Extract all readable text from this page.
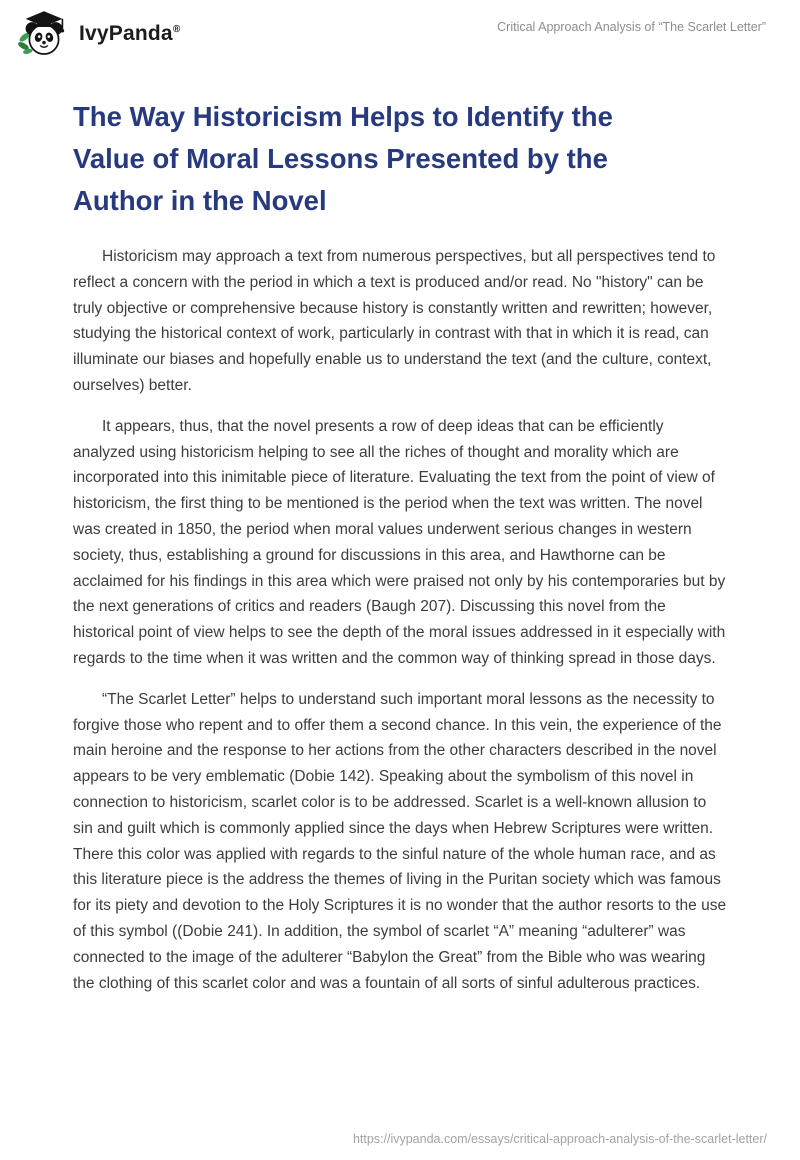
IvyPanda®	Critical Approach Analysis of “The Scarlet Letter”
The Way Historicism Helps to Identify the Value of Moral Lessons Presented by the Author in the Novel

Historicism may approach a text from numerous perspectives, but all perspectives tend to reflect a concern with the period in which a text is produced and/or read. No "history" can be truly objective or comprehensive because history is constantly written and rewritten; however, studying the historical context of work, particularly in contrast with that in which it is read, can illuminate our biases and hopefully enable us to understand the text (and the culture, context, ourselves) better.

It appears, thus, that the novel presents a row of deep ideas that can be efficiently analyzed using historicism helping to see all the riches of thought and morality which are incorporated into this inimitable piece of literature. Evaluating the text from the point of view of historicism, the first thing to be mentioned is the period when the text was written. The novel was created in 1850, the period when moral values underwent serious changes in western society, thus, establishing a ground for discussions in this area, and Hawthorne can be acclaimed for his findings in this area which were praised not only by his contemporaries but by the next generations of critics and readers (Baugh 207). Discussing this novel from the historical point of view helps to see the depth of the moral issues addressed in it especially with regards to the time when it was written and the common way of thinking spread in those days.

“The Scarlet Letter” helps to understand such important moral lessons as the necessity to forgive those who repent and to offer them a second chance. In this vein, the experience of the main heroine and the response to her actions from the other characters described in the novel appears to be very emblematic (Dobie 142). Speaking about the symbolism of this novel in connection to historicism, scarlet color is to be addressed. Scarlet is a well-known allusion to sin and guilt which is commonly applied since the days when Hebrew Scriptures were written. There this color was applied with regards to the sinful nature of the whole human race, and as this literature piece is the address the themes of living in the Puritan society which was famous for its piety and devotion to the Holy Scriptures it is no wonder that the author resorts to the use of this symbol ((Dobie 241). In addition, the symbol of scarlet “A” meaning “adulterer” was connected to the image of the adulterer “Babylon the Great” from the Bible who was wearing the clothing of this scarlet color and was a fountain of all sorts of sinful adulterous practices.

https://ivypanda.com/essays/critical-approach-analysis-of-the-scarlet-letter/
